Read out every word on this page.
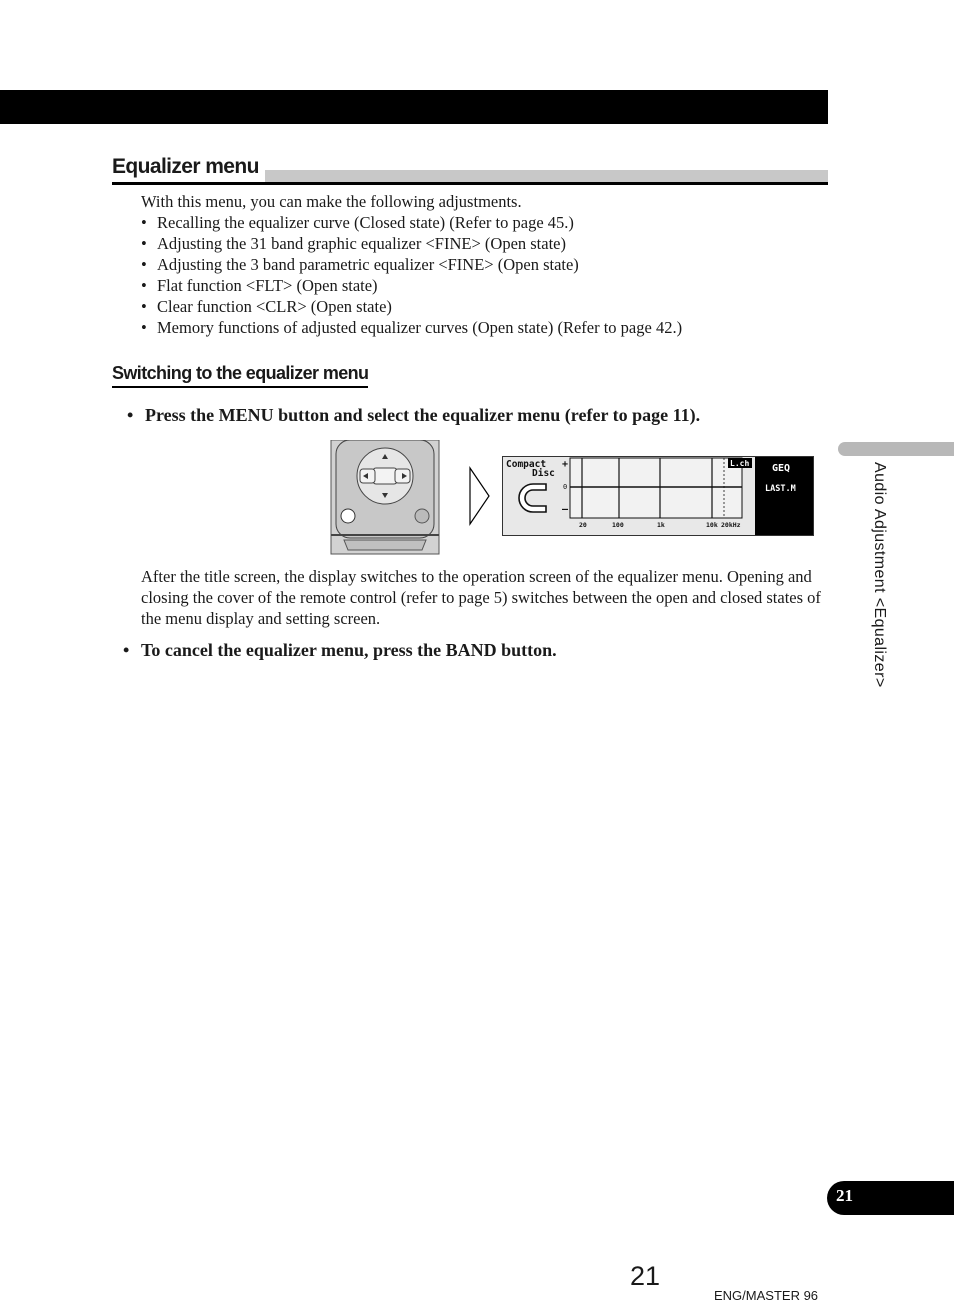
Equalizer menu
With this menu, you can make the following adjustments.
• Recalling the equalizer curve (Closed state) (Refer to page 45.)
• Adjusting the 31 band graphic equalizer <FINE> (Open state)
• Adjusting the 3 band parametric equalizer <FINE> (Open state)
• Flat function <FLT> (Open state)
• Clear function <CLR> (Open state)
• Memory functions of adjusted equalizer curves (Open state) (Refer to page 42.)
Switching to the equalizer menu
• Press the MENU button and select the equalizer menu (refer to page 11).
Compact
Disc
+
0
–
L.ch
20	100	1k	10k 20kHz
GEQ
LAST.M
After the title screen, the display switches to the operation screen of the equalizer menu. Opening and closing the cover of the remote control (refer to page 5) switches between the open and closed states of the menu display and setting screen.
• To cancel the equalizer menu, press the BAND button.	Audio Adjustment <Equalizer>
21
21
ENG/MASTER 96
